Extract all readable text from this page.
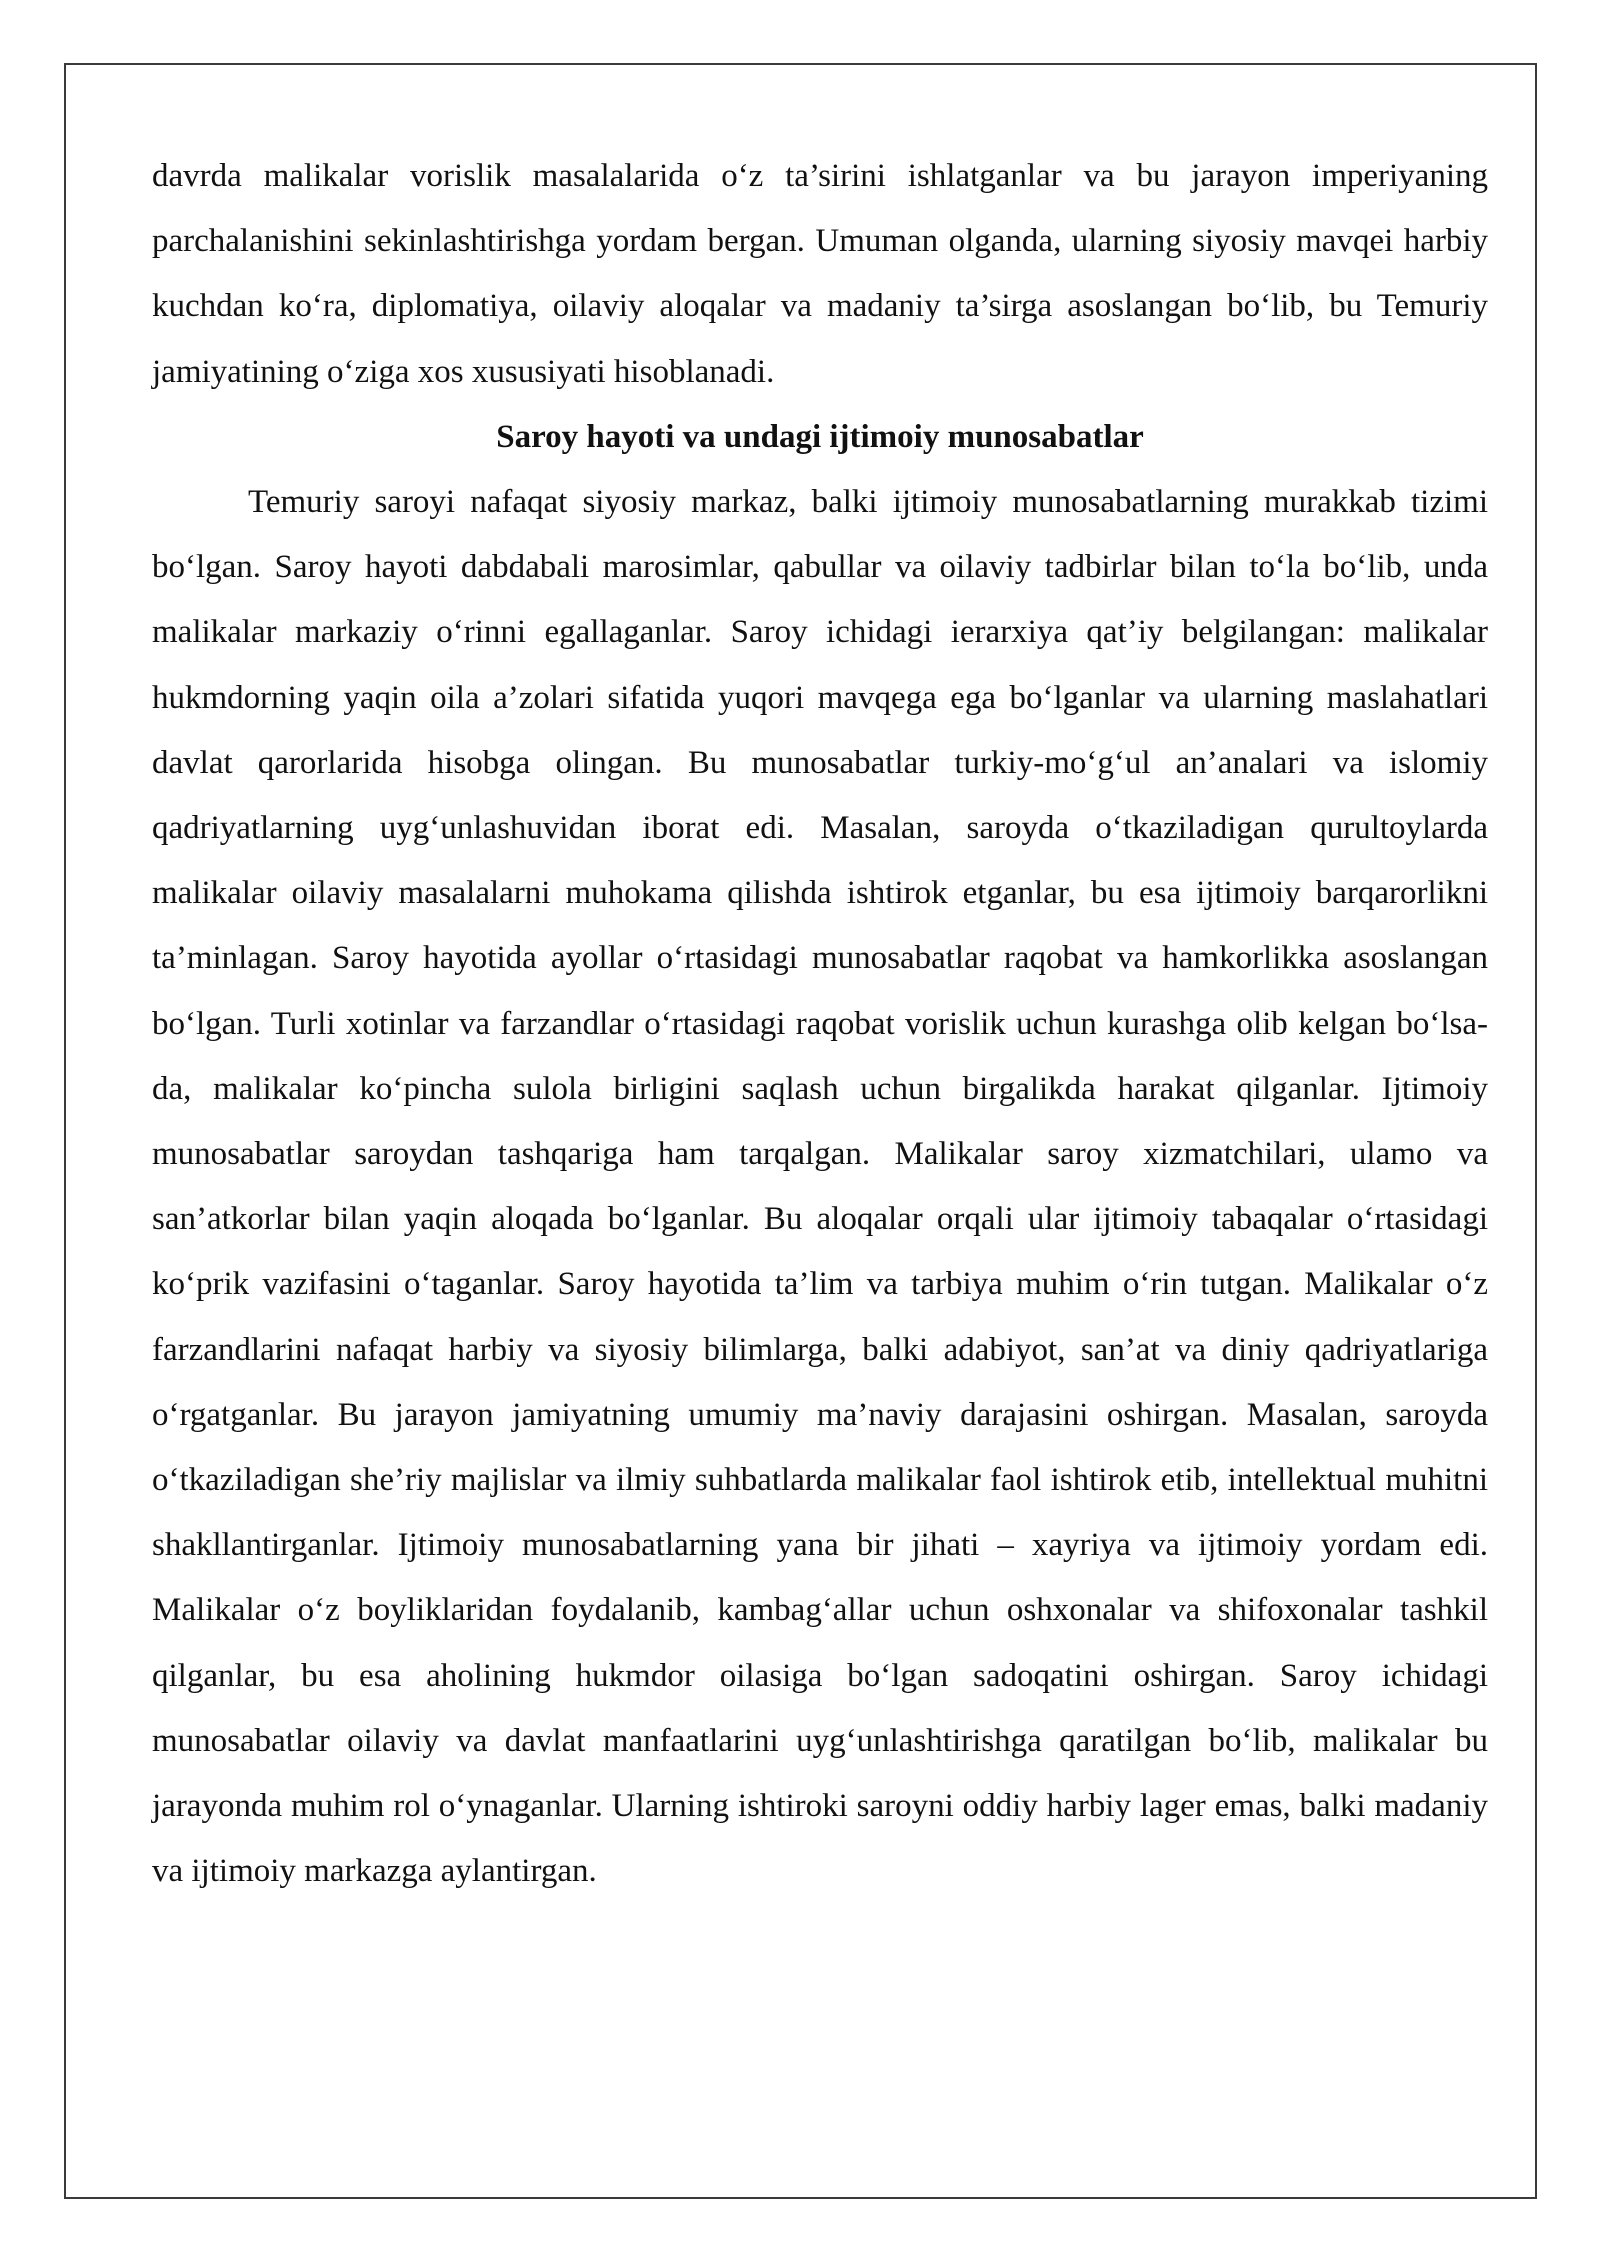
davrda malikalar vorislik masalalarida o‘z ta’sirini ishlatganlar va bu jarayon imperiyaning parchalanishini sekinlashtirishga yordam bergan. Umuman olganda, ularning siyosiy mavqei harbiy kuchdan ko‘ra, diplomatiya, oilaviy aloqalar va madaniy ta’sirga asoslangan bo‘lib, bu Temuriy jamiyatining o‘ziga xos xususiyati hisoblanadi.

Saroy hayoti va undagi ijtimoiy munosabatlar

Temuriy saroyi nafaqat siyosiy markaz, balki ijtimoiy munosabatlarning murakkab tizimi bo‘lgan. Saroy hayoti dabdabali marosimlar, qabullar va oilaviy tadbirlar bilan to‘la bo‘lib, unda malikalar markaziy o‘rinni egallaganlar. Saroy ichidagi ierarxiya qat’iy belgilangan: malikalar hukmdorning yaqin oila a’zolari sifatida yuqori mavqega ega bo‘lganlar va ularning maslahatlari davlat qarorlarida hisobga olingan. Bu munosabatlar turkiy-mo‘g‘ul an’analari va islomiy qadriyatlarning uyg‘unlashuvidan iborat edi. Masalan, saroyda o‘tkaziladigan qurultoylarda malikalar oilaviy masalalarni muhokama qilishda ishtirok etganlar, bu esa ijtimoiy barqarorlikni ta’minlagan. Saroy hayotida ayollar o‘rtasidagi munosabatlar raqobat va hamkorlikka asoslangan bo‘lgan. Turli xotinlar va farzandlar o‘rtasidagi raqobat vorislik uchun kurashga olib kelgan bo‘lsa-da, malikalar ko‘pincha sulola birligini saqlash uchun birgalikda harakat qilganlar. Ijtimoiy munosabatlar saroydan tashqariga ham tarqalgan. Malikalar saroy xizmatchilari, ulamo va san’atkorlar bilan yaqin aloqada bo‘lganlar. Bu aloqalar orqali ular ijtimoiy tabaqalar o‘rtasidagi ko‘prik vazifasini o‘taganlar. Saroy hayotida ta’lim va tarbiya muhim o‘rin tutgan. Malikalar o‘z farzandlarini nafaqat harbiy va siyosiy bilimlarga, balki adabiyot, san’at va diniy qadriyatlariga o‘rgatganlar. Bu jarayon jamiyatning umumiy ma’naviy darajasini oshirgan. Masalan, saroyda o‘tkaziladigan she’riy majlislar va ilmiy suhbatlarda malikalar faol ishtirok etib, intellektual muhitni shakllantirganlar. Ijtimoiy munosabatlarning yana bir jihati – xayriya va ijtimoiy yordam edi. Malikalar o‘z boyliklaridan foydalanib, kambag‘allar uchun oshxonalar va shifoxonalar tashkil qilganlar, bu esa aholining hukmdor oilasiga bo‘lgan sadoqatini oshirgan. Saroy ichidagi munosabatlar oilaviy va davlat manfaatlarini uyg‘unlashtirishga qaratilgan bo‘lib, malikalar bu jarayonda muhim rol o‘ynaganlar. Ularning ishtiroki saroyni oddiy harbiy lager emas, balki madaniy va ijtimoiy markazga aylantirgan.
